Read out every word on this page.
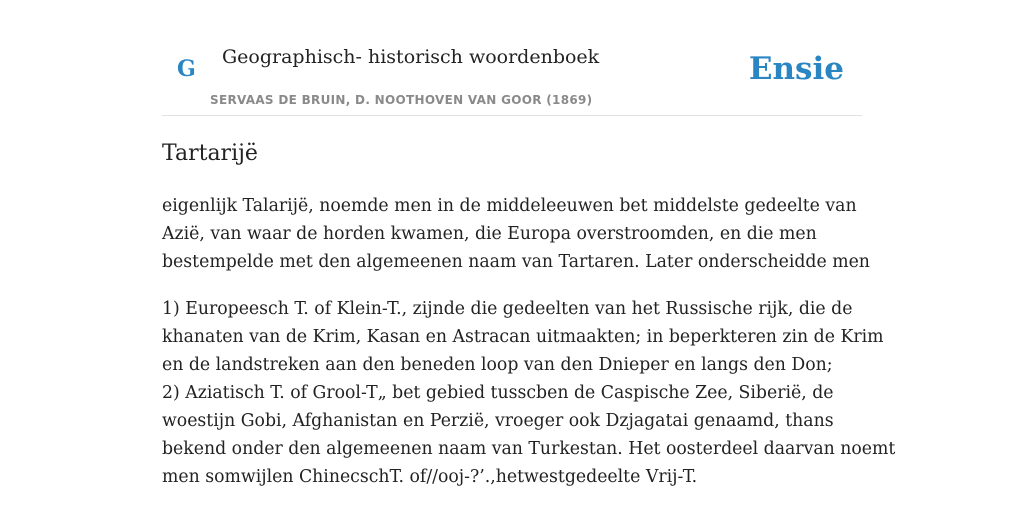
G Geographisch- historisch woordenboek
SERVAAS DE BRUIN, D. NOOTHOVEN VAN GOOR (1869)
Ensie
Tartarijë

eigenlijk Talarijë, noemde men in de middeleeuwen bet middelste gedeelte van

Azië, van waar de horden kwamen, die Europa overstroomden, en die men

bestempelde met den algemeenen naam van Tartaren. Later onderscheidde men

1) Europeesch T. of Klein-T., zijnde die gedeelten van het Russische rijk, die de

khanaten van de Krim, Kasan en Astracan uitmaakten; in beperkteren zin de Krim

en de landstreken aan den beneden loop van den Dnieper en langs den Don;

2) Aziatisch T. of Grool-T„ bet gebied tusscben de Caspische Zee, Siberië, de

woestijn Gobi, Afghanistan en Perzië, vroeger ook Dzjagatai genaamd, thans

bekend onder den algemeenen naam van Turkestan. Het oosterdeel daarvan noemt

men somwijlen ChinecschT. of//ooj-?’.,hetwestgedeelte Vrij-T.
